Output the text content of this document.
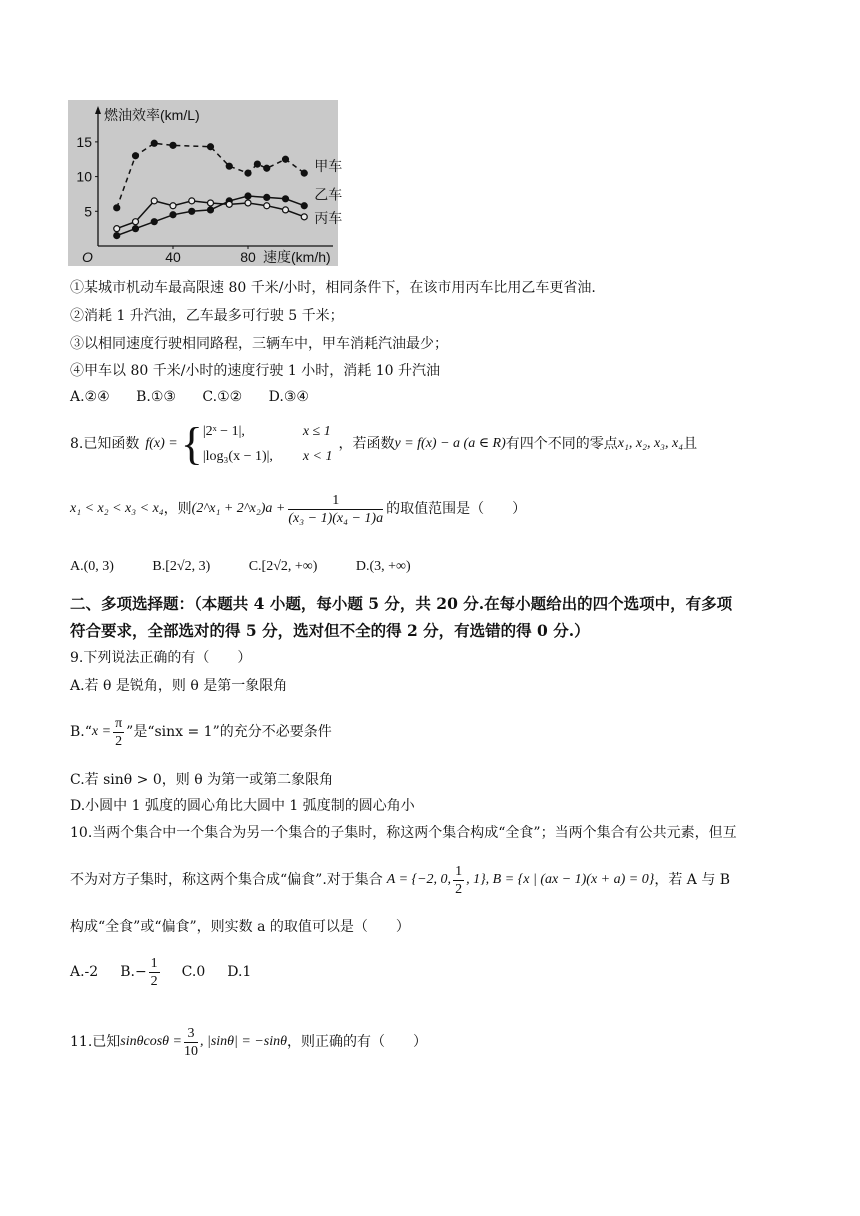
燃油效率(km/L)
速度(km/h)
O
5
10
15
40	80
甲车
乙车
丙车
①某城市机动车最高限速 80 千米/小时，相同条件下，在该市用丙车比用乙车更省油.
②消耗 1 升汽油，乙车最多可行驶 5 千米；
③以相同速度行驶相同路程，三辆车中，甲车消耗汽油最少；
④甲车以 80 千米/小时的速度行驶 1 小时，消耗 10 升汽油
A.②④ B.①③ C.①② D.③④
8.已知函数 f(x) = { |2ˣ − 1|,	x ≤ 1
|log₃(x − 1)|, x < 1
，若函数 y = f(x) − a (a ∈ R) 有四个不同的零点 x₁, x₂, x₃, x₄ 且
x₁ < x₂ < x₃ < x₄ ，则 (2^x₁ + 2^x₂)a + $\frac{1}{\text{(x₃ − 1)(x₄ − 1)a}}$ 的取值范围是（　　）
A.(0, 3)	B.[2√2, 3)	C.[2√2, +∞)	D.(3, +∞)
二、多项选择题：（本题共 4 小题，每小题 5 分，共 20 分.在每小题给出的四个选项中，有多项
符合要求，全部选对的得 5 分，选对但不全的得 2 分，有选错的得 0 分.）
9.下列说法正确的有（　　）
A.若 θ 是锐角，则 θ 是第一象限角
B.“ $x = \frac{\pi}{2}$ ”是“sinx = 1”的充分不必要条件
C.若 sinθ > 0，则 θ 为第一或第二象限角
D.小圆中 1 弧度的圆心角比大圆中 1 弧度制的圆心角小
10.当两个集合中一个集合为另一个集合的子集时，称这两个集合构成“全食”；当两个集合有公共元素，但互
不为对方子集时，称这两个集合成“偏食”.对于集合 A = {−2, 0, $\frac{1}{2}$ , 1}, B = {x | (ax − 1)(x + a) = 0} ，若 A 与 B
构成“全食”或“偏食”，则实数 a 的取值可以是（　　）
A.-2 $B.- \frac{1}{2} C.0$ D.1
11.已知 $\sin\theta\cos\theta = \frac{3}{10}$ , |sinθ| = −sinθ ，则正确的有（　　）
